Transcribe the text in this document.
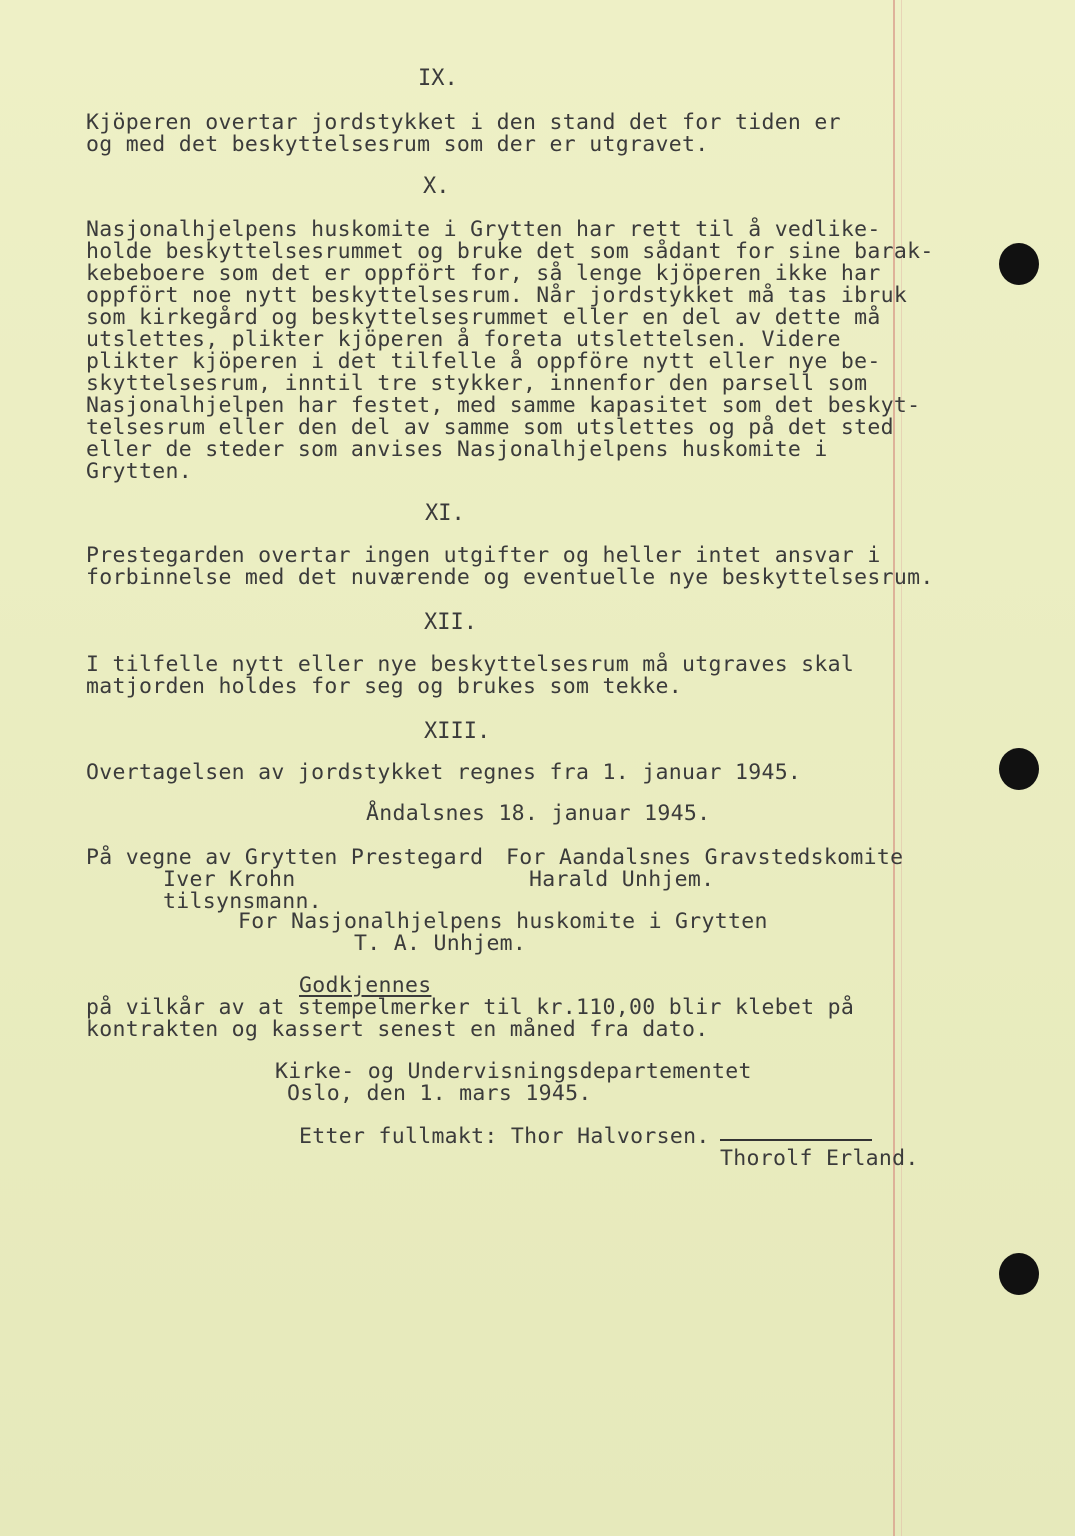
IX.
Kjöperen overtar jordstykket i den stand det for tiden er
og med det beskyttelsesrum som der er utgravet.
X.
Nasjonalhjelpens huskomite i Grytten har rett til å vedlike-
holde beskyttelsesrummet og bruke det som sådant for sine barak-
kebeboere som det er oppfört for, så lenge kjöperen ikke har
oppfört noe nytt beskyttelsesrum. Når jordstykket må tas ibruk
som kirkegård og beskyttelsesrummet eller en del av dette må
utslettes, plikter kjöperen å foreta utslettelsen. Videre
plikter kjöperen i det tilfelle å oppföre nytt eller nye be-
skyttelsesrum, inntil tre stykker, innenfor den parsell som
Nasjonalhjelpen har festet, med samme kapasitet som det beskyt-
telsesrum eller den del av samme som utslettes og på det sted
eller de steder som anvises Nasjonalhjelpens huskomite i
Grytten.
XI.
Prestegarden overtar ingen utgifter og heller intet ansvar i
forbinnelse med det nuværende og eventuelle nye beskyttelsesrum.
XII.
I tilfelle nytt eller nye beskyttelsesrum må utgraves skal
matjorden holdes for seg og brukes som tekke.
XIII.
Overtagelsen av jordstykket regnes fra 1. januar 1945.
Åndalsnes 18. januar 1945.
På vegne av Grytten Prestegard For Aandalsnes Gravstedskomite
Iver Krohn	Harald Unhjem.
tilsynsmann.
For Nasjonalhjelpens huskomite i Grytten
T. A. Unhjem.
Godkjennes
på vilkår av at stempelmerker til kr.110,00 blir klebet på
kontrakten og kassert senest en måned fra dato.
Kirke- og Undervisningsdepartementet
Oslo, den 1. mars 1945.
Etter fullmakt: Thor Halvorsen.
Thorolf Erland.
